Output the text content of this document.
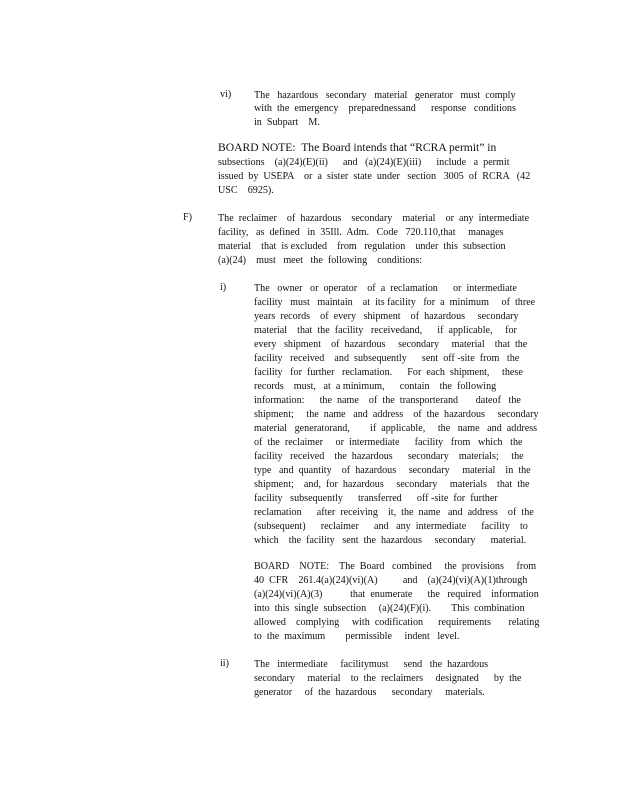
vi) The   hazardous   secondary   material   generator   must  comply
with  the  emergency    preparednessand      response   conditions
in  Subpart    M.
BOARD NOTE:  The Board intends that “RCRA permit” in
subsections    (a)(24)(E)(ii)      and   (a)(24)(E)(iii)      include   a  permit
issued  by  USEPA    or  a  sister  state  under   section   3005  of  RCRA   (42
USC    6925).
F)	The  reclaimer    of  hazardous    secondary    material    or  any  intermediate
facility,   as  defined   in  35Ill.  Adm.   Code   720.110,that     manages
material    that  is excluded    from   regulation    under  this  subsection
(a)(24)    must   meet   the  following    conditions:
i)	The   owner   or  operator    of  a  reclamation      or  intermediate
facility   must   maintain    at  its facility   for  a  minimum     of  three
years  records    of  every   shipment    of  hazardous     secondary
material    that  the  facility   receivedand,      if  applicable,     for
every   shipment    of  hazardous     secondary     material    that  the
facility   received    and  subsequently      sent  off -site  from   the
facility   for  further   reclamation.      For  each  shipment,     these
records    must,   at  a minimum,      contain    the  following
information:      the  name    of  the  transporterand       dateof   the
shipment;     the  name   and  address    of  the  hazardous     secondary
material   generatorand,        if  applicable,     the   name   and  address
of  the  reclaimer     or  intermediate      facility   from   which   the
facility   received    the  hazardous      secondary    materials;     the
type   and  quantity    of  hazardous     secondary     material    in  the
shipment;    and,  for  hazardous     secondary     materials    that  the
facility   subsequently      transferred      off -site  for  further
reclamation      after  receiving    it,  the  name   and  address    of  the
(subsequent)      reclaimer      and   any  intermediate      facility    to
which    the  facility   sent  the  hazardous     secondary      material.
BOARD    NOTE:    The  Board   combined     the  provisions     from
40  CFR    261.4(a)(24)(vi)(A)          and    (a)(24)(vi)(A)(1)through
(a)(24)(vi)(A)(3)           that  enumerate      the   required    information
into  this  single  subsection     (a)(24)(F)(i).        This  combination
allowed    complying     with  codification      requirements       relating
to  the  maximum        permissible     indent   level.
ii) The   intermediate     facilitymust      send   the  hazardous
secondary     material    to  the  reclaimers     designated      by  the
generator     of  the  hazardous      secondary     materials.
